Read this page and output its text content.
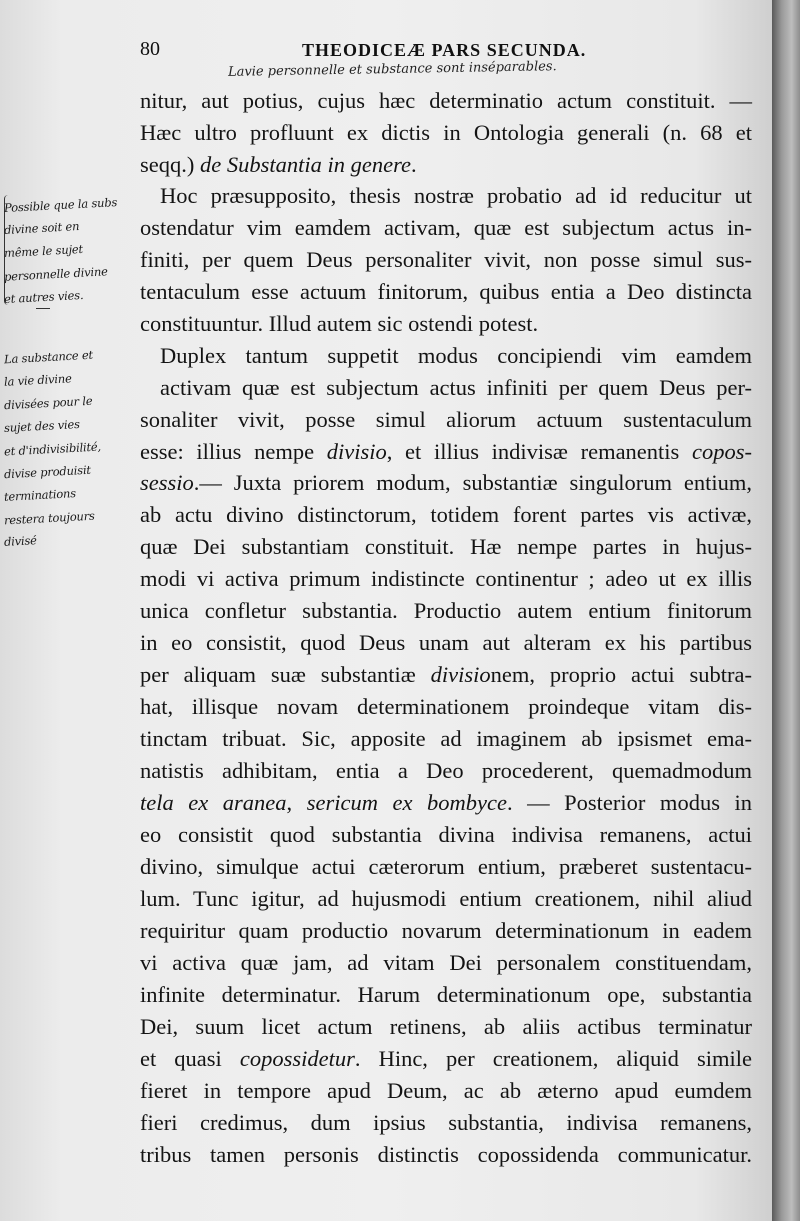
80	THEODICEÆ PARS SECUNDA.
Lavie personnelle et substance sont inséparables.
nitur, aut potius, cujus hæc determinatio actum constituit. —
Hæc ultro profluunt ex dictis in Ontologia generali (n. 68 et
seqq.) de Substantia in genere.
Hoc præsupposito, thesis nostræ probatio ad id reducitur ut
ostendatur vim eamdem activam, quæ est subjectum actus in-
finiti, per quem Deus personaliter vivit, non posse simul sus-
tentaculum esse actuum finitorum, quibus entia a Deo distincta
constituuntur. Illud autem sic ostendi potest.
Duplex tantum suppetit modus concipiendi vim eamdem
activam quæ est subjectum actus infiniti per quem Deus per-
sonaliter vivit, posse simul aliorum actuum sustentaculum
esse: illius nempe divisio, et illius indivisæ remanentis copos-
sessio.— Juxta priorem modum, substantiæ singulorum entium,
ab actu divino distinctorum, totidem forent partes vis activæ,
quæ Dei substantiam constituit. Hæ nempe partes in hujus-
modi vi activa primum indistincte continentur ; adeo ut ex illis
unica confletur substantia. Productio autem entium finitorum
in eo consistit, quod Deus unam aut alteram ex his partibus
per aliquam suæ substantiæ divisionem, proprio actui subtra-
hat, illisque novam determinationem proindeque vitam dis-
tinctam tribuat. Sic, apposite ad imaginem ab ipsismet ema-
natistis adhibitam, entia a Deo procederent, quemadmodum
tela ex aranea, sericum ex bombyce. — Posterior modus in
eo consistit quod substantia divina indivisa remanens, actui
divino, simulque actui cæterorum entium, præberet sustentacu-
lum. Tunc igitur, ad hujusmodi entium creationem, nihil aliud
requiritur quam productio novarum determinationum in eadem
vi activa quæ jam, ad vitam Dei personalem constituendam,
infinite determinatur. Harum determinationum ope, substantia
Dei, suum licet actum retinens, ab aliis actibus terminatur
et quasi copossidetur. Hinc, per creationem, aliquid simile
fieret in tempore apud Deum, ac ab æterno apud eumdem
fieri credimus, dum ipsius substantia, indivisa remanens,
tribus tamen personis distinctis copossidenda communicatur.
Possible que la subs
divine soit en
même le sujet
personnelle divine
et autres vies.
La substance et
la vie divine
divisées pour le
sujet des vies
et d'indivisibilité,
divise produisit
terminations
restera toujours
divisé
